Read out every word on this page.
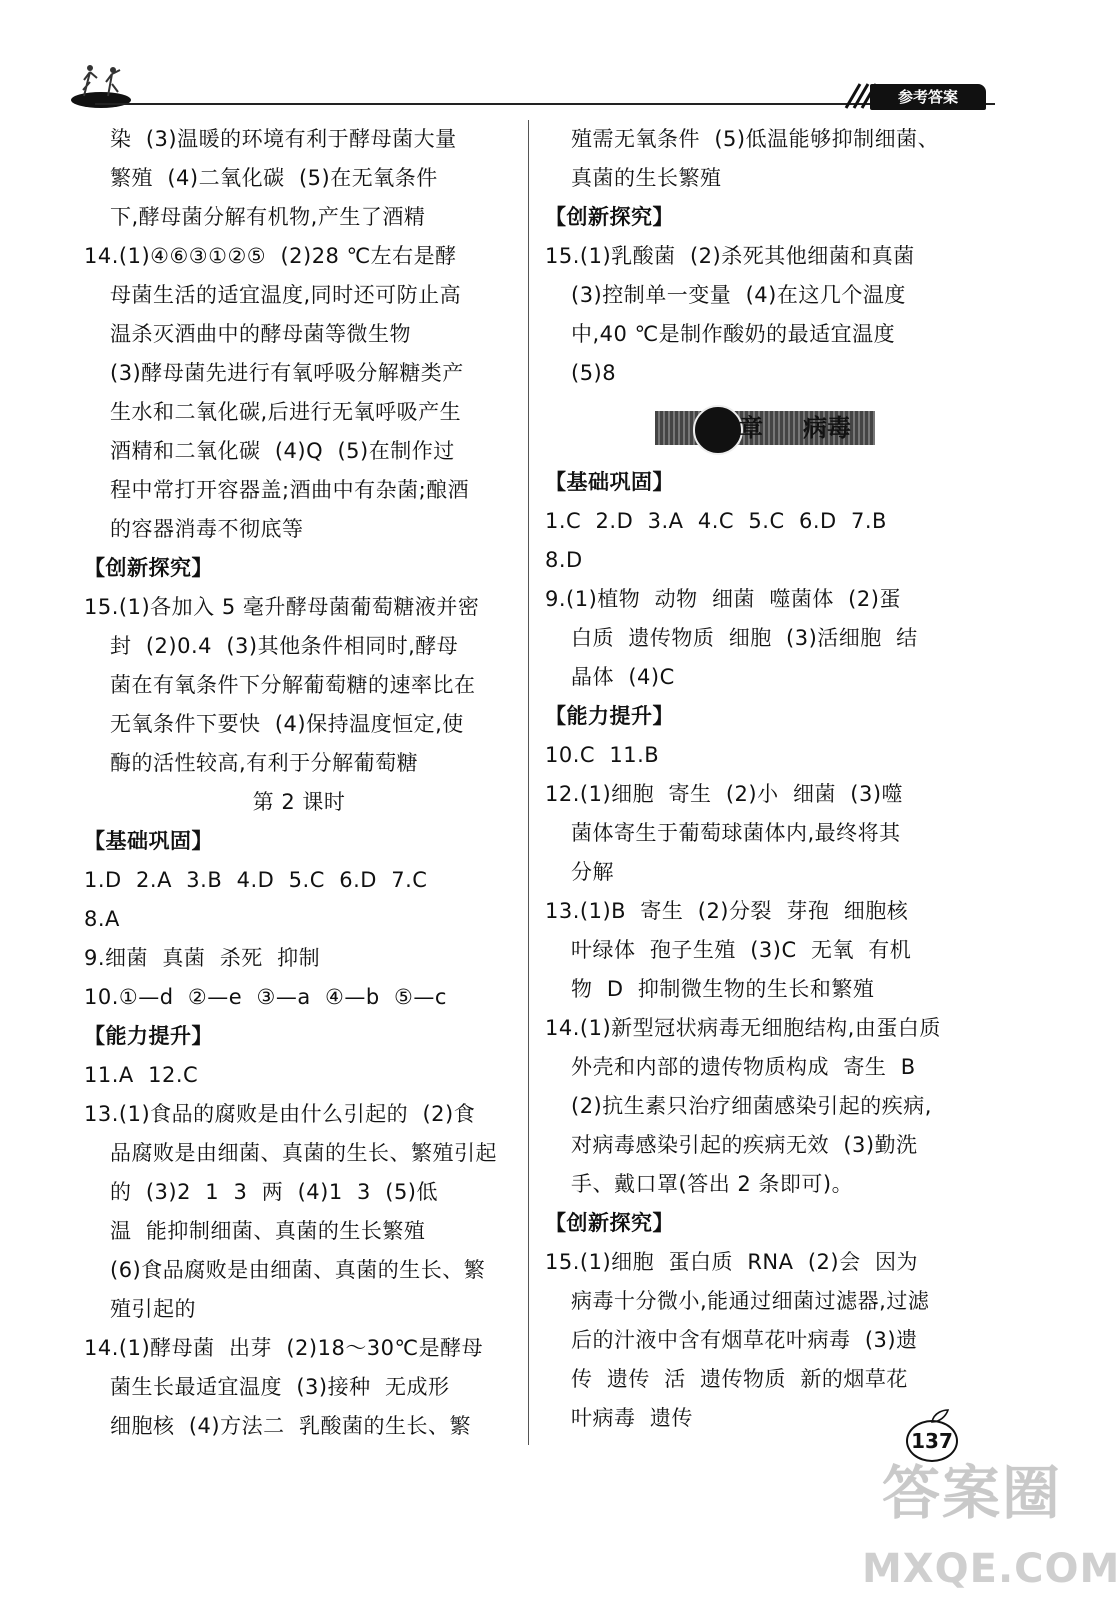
参考答案
染  (3)温暖的环境有利于酵母菌大量
繁殖  (4)二氧化碳  (5)在无氧条件
下,酵母菌分解有机物,产生了酒精
14.(1)④⑥③①②⑤  (2)28 ℃左右是酵
母菌生活的适宜温度,同时还可防止高
温杀灭酒曲中的酵母菌等微生物
(3)酵母菌先进行有氧呼吸分解糖类产
生水和二氧化碳,后进行无氧呼吸产生
酒精和二氧化碳  (4)Q  (5)在制作过
程中常打开容器盖;酒曲中有杂菌;酿酒
的容器消毒不彻底等
【创新探究】
15.(1)各加入 5 毫升酵母菌葡萄糖液并密
封  (2)0.4  (3)其他条件相同时,酵母
菌在有氧条件下分解葡萄糖的速率比在
无氧条件下要快  (4)保持温度恒定,使
酶的活性较高,有利于分解葡萄糖
第 2 课时
【基础巩固】
1.D  2.A  3.B  4.D  5.C  6.D  7.C
8.A
9.细菌  真菌  杀死  抑制
10.①—d  ②—e  ③—a  ④—b  ⑤—c
【能力提升】
11.A  12.C
13.(1)食品的腐败是由什么引起的  (2)食
品腐败是由细菌、真菌的生长、繁殖引起
的  (3)2  1  3  两  (4)1  3  (5)低
温  能抑制细菌、真菌的生长繁殖
(6)食品腐败是由细菌、真菌的生长、繁
殖引起的
14.(1)酵母菌  出芽  (2)18～30℃是酵母
菌生长最适宜温度  (3)接种  无成形
细胞核  (4)方法二  乳酸菌的生长、繁
殖需无氧条件  (5)低温能够抑制细菌、
真菌的生长繁殖
【创新探究】
15.(1)乳酸菌  (2)杀死其他细菌和真菌
(3)控制单一变量  (4)在这几个温度
中,40 ℃是制作酸奶的最适宜温度
(5)8
章 病毒
【基础巩固】
1.C  2.D  3.A  4.C  5.C  6.D  7.B
8.D
9.(1)植物  动物  细菌  噬菌体  (2)蛋
白质  遗传物质  细胞  (3)活细胞  结
晶体  (4)C
【能力提升】
10.C  11.B
12.(1)细胞  寄生  (2)小  细菌  (3)噬
菌体寄生于葡萄球菌体内,最终将其
分解
13.(1)B  寄生  (2)分裂  芽孢  细胞核
叶绿体  孢子生殖  (3)C  无氧  有机
物  D  抑制微生物的生长和繁殖
14.(1)新型冠状病毒无细胞结构,由蛋白质
外壳和内部的遗传物质构成  寄生  B
(2)抗生素只治疗细菌感染引起的疾病,
对病毒感染引起的疾病无效  (3)勤洗
手、戴口罩(答出 2 条即可)。
【创新探究】
15.(1)细胞  蛋白质  RNA  (2)会  因为
病毒十分微小,能通过细菌过滤器,过滤
后的汁液中含有烟草花叶病毒  (3)遗
传  遗传  活  遗传物质  新的烟草花
叶病毒  遗传
137
答案圈
MXQE.COM
